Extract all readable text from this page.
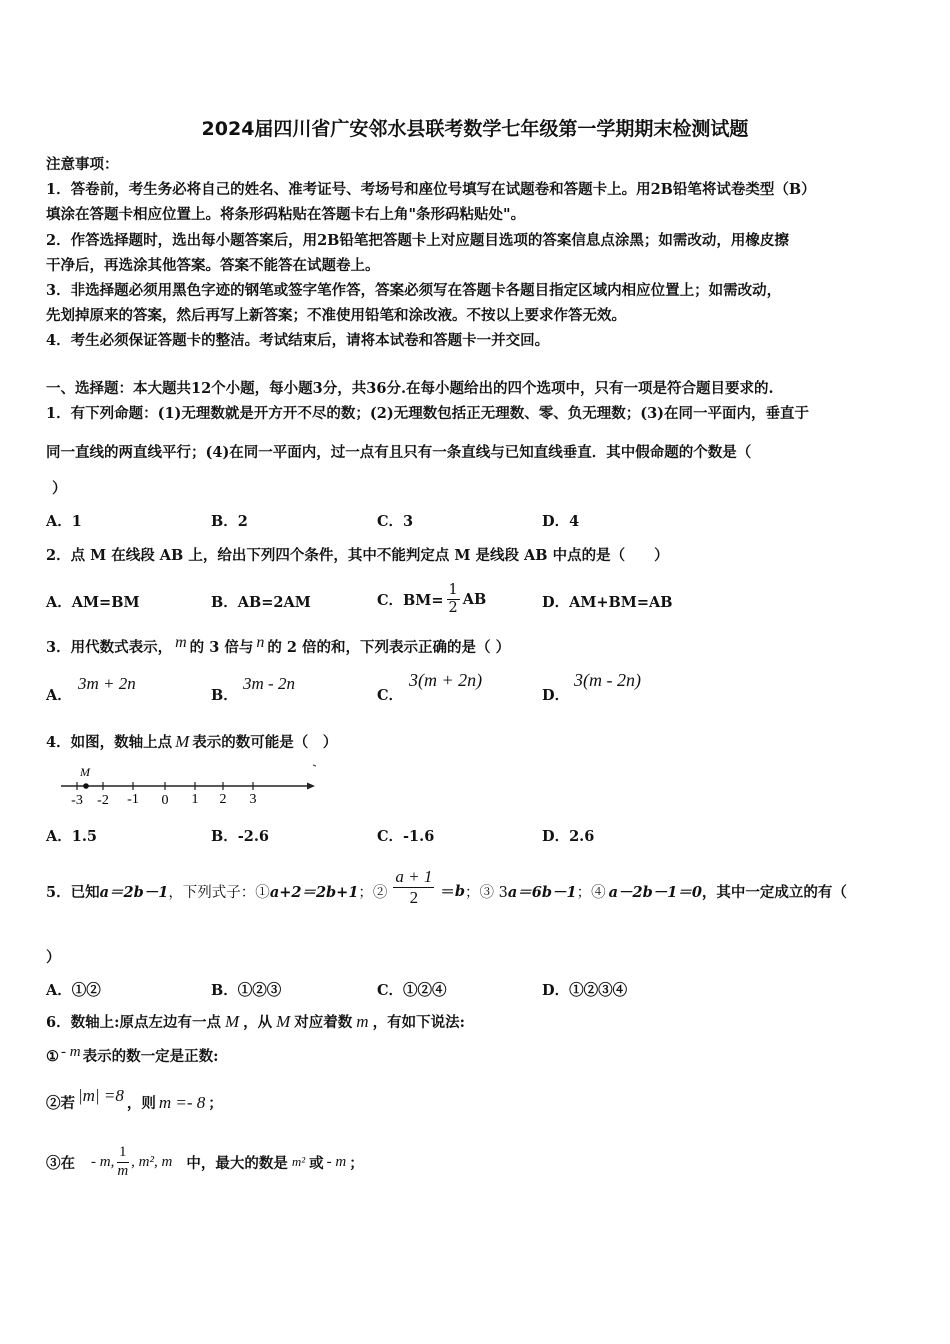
2024届四川省广安邻水县联考数学七年级第一学期期末检测试题
注意事项：
1．答卷前，考生务必将自己的姓名、准考证号、考场号和座位号填写在试题卷和答题卡上。用2B铅笔将试卷类型（B）
填涂在答题卡相应位置上。将条形码粘贴在答题卡右上角"条形码粘贴处"。
2．作答选择题时，选出每小题答案后，用2B铅笔把答题卡上对应题目选项的答案信息点涂黑；如需改动，用橡皮擦
干净后，再选涂其他答案。答案不能答在试题卷上。
3．非选择题必须用黑色字迹的钢笔或签字笔作答，答案必须写在答题卡各题目指定区域内相应位置上；如需改动，
先划掉原来的答案，然后再写上新答案；不准使用铅笔和涂改液。不按以上要求作答无效。
4．考生必须保证答题卡的整洁。考试结束后，请将本试卷和答题卡一并交回。
一、选择题：本大题共12个小题，每小题3分，共36分.在每小题给出的四个选项中，只有一项是符合题目要求的.
1．有下列命题：(1)无理数就是开方开不尽的数；(2)无理数包括正无理数、零、负无理数；(3)在同一平面内，垂直于
同一直线的两直线平行；(4)在同一平面内，过一点有且只有一条直线与已知直线垂直．其中假命题的个数是（
）
A．1	B．2	C．3	D．4
2．点 M 在线段 AB 上，给出下列四个条件，其中不能判定点 M 是线段 AB 中点的是（　　）
A．AM=BM	B．AB=2AM	C．$BM= \frac{1}{2}$ AB	D．AM+BM=AB
3．用代数式表示， m 的 3 倍与 n 的 2 倍的和，下列表示正确的是（ ）
A．
3m + 2n
B．
3m - 2n
C．
3(m + 2n)
D．
3(m - 2n)
4．如图，数轴上点 M 表示的数可能是（　）
M
-3 -2 -1 0 1 2 3
A．1.5	B．-2.6	C．-1.6	D．2.6
5．已知 a＝2b－1 ，下列式子：① a+2＝2b+1 ；② $\frac{a + 1}{2} = b$ ；③ 3 a＝6b－1 ；④ a－2b－1＝0 ，其中一定成立的有（
）
A．①②	B．①②③	C．①②④	D．①②③④
6．数轴上:原点左边有一点 M ，从 M 对应着数 m ，有如下说法:
① - m 表示的数一定是正数:
②若 |m| =8 ，则 m =- 8 ；
③在 - m, $\frac{1}{m}$ , m², m 中，最大的数是 m² 或 - m ；
